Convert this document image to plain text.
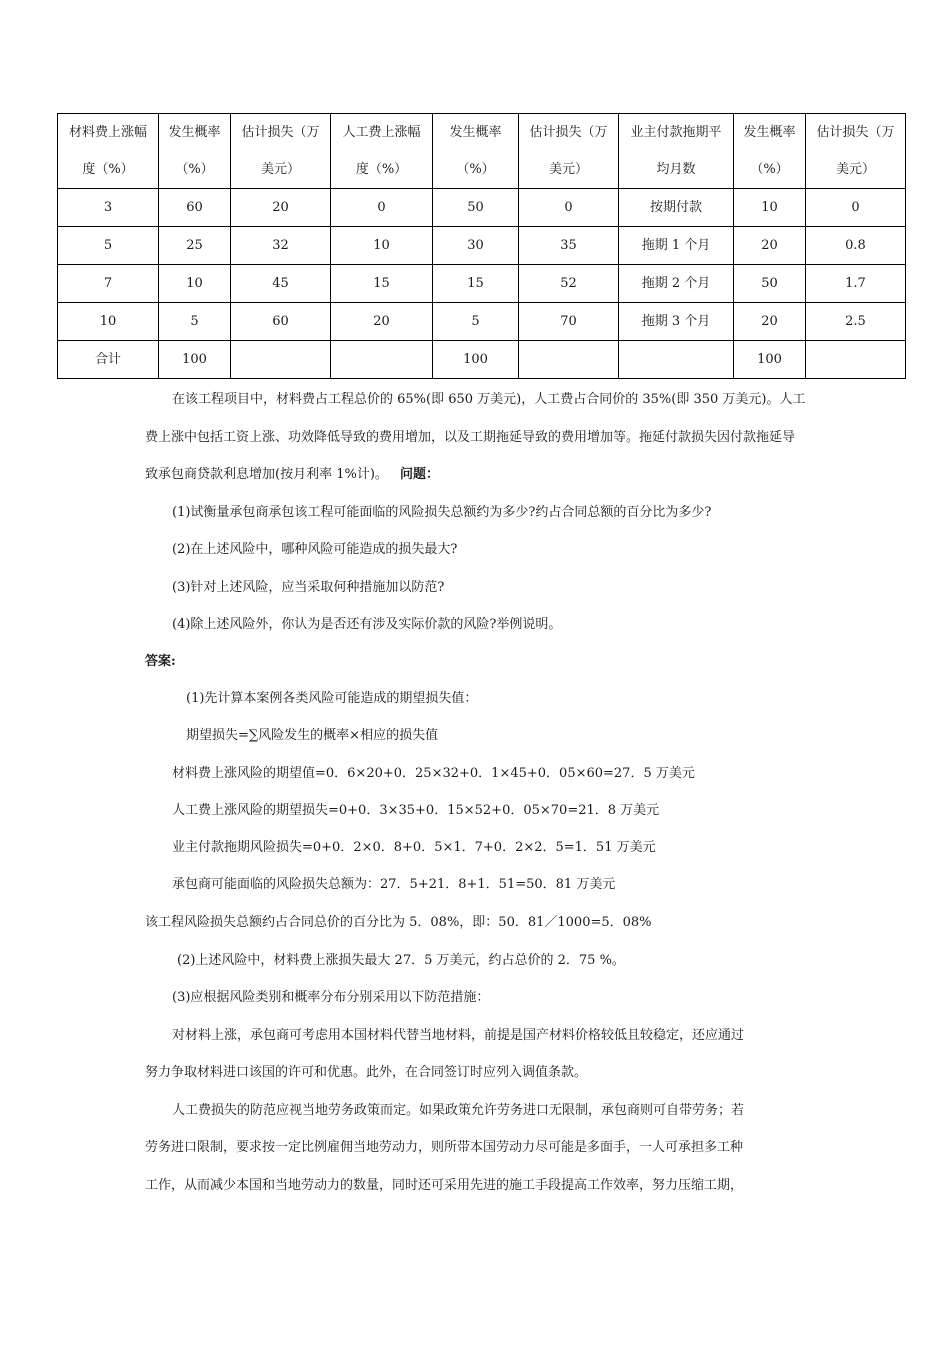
材料费上涨幅度（%）	发生概率（%）	估计损失（万美元）	人工费上涨幅度（%）	发生概率（%）	估计损失（万美元）	业主付款拖期平均月数	发生概率（%）	估计损失（万美元）
3	60	20	0	50	0	按期付款	10	0
5	25	32	10	30	35	拖期 1 个月	20	0.8
7	10	45	15	15	52	拖期 2 个月	50	1.7
10	5	60	20	5	70	拖期 3 个月	20	2.5
合计	100			100			100	
在该工程项目中，材料费占工程总价的 65%(即 650 万美元)，人工费占合同价的 35%(即 350 万美元)。人工
费上涨中包括工资上涨、功效降低导致的费用增加，以及工期拖延导致的费用增加等。拖延付款损失因付款拖延导
致承包商贷款利息增加(按月利率 1%计)。 问题：
(1)试衡量承包商承包该工程可能面临的风险损失总额约为多少?约占合同总额的百分比为多少?
(2)在上述风险中，哪种风险可能造成的损失最大?
(3)针对上述风险，应当采取何种措施加以防范?
(4)除上述风险外，你认为是否还有涉及实际价款的风险?举例说明。
答案:
(1)先计算本案例各类风险可能造成的期望损失值：
期望损失=∑风险发生的概率×相应的损失值
材料费上涨风险的期望值=0．6×20+0．25×32+0．1×45+0．05×60=27．5 万美元
人工费上涨风险的期望损失=0+0．3×35+0．15×52+0．05×70=21．8 万美元
业主付款拖期风险损失=0+0．2×0．8+0．5×1．7+0．2×2．5=1．51 万美元
承包商可能面临的风险损失总额为：27．5+21．8+1．51=50．81 万美元
该工程风险损失总额约占合同总价的百分比为 5．08%，即：50．81／1000=5．08%
(2)上述风险中，材料费上涨损失最大 27．5 万美元，约占总价的 2．75 %。
(3)应根据风险类别和概率分布分别采用以下防范措施：
对材料上涨，承包商可考虑用本国材料代替当地材料，前提是国产材料价格较低且较稳定，还应通过
努力争取材料进口该国的许可和优惠。此外，在合同签订时应列入调值条款。
人工费损失的防范应视当地劳务政策而定。如果政策允许劳务进口无限制，承包商则可自带劳务；若
劳务进口限制，要求按一定比例雇佣当地劳动力，则所带本国劳动力尽可能是多面手，一人可承担多工种
工作，从而减少本国和当地劳动力的数量，同时还可采用先进的施工手段提高工作效率，努力压缩工期，
